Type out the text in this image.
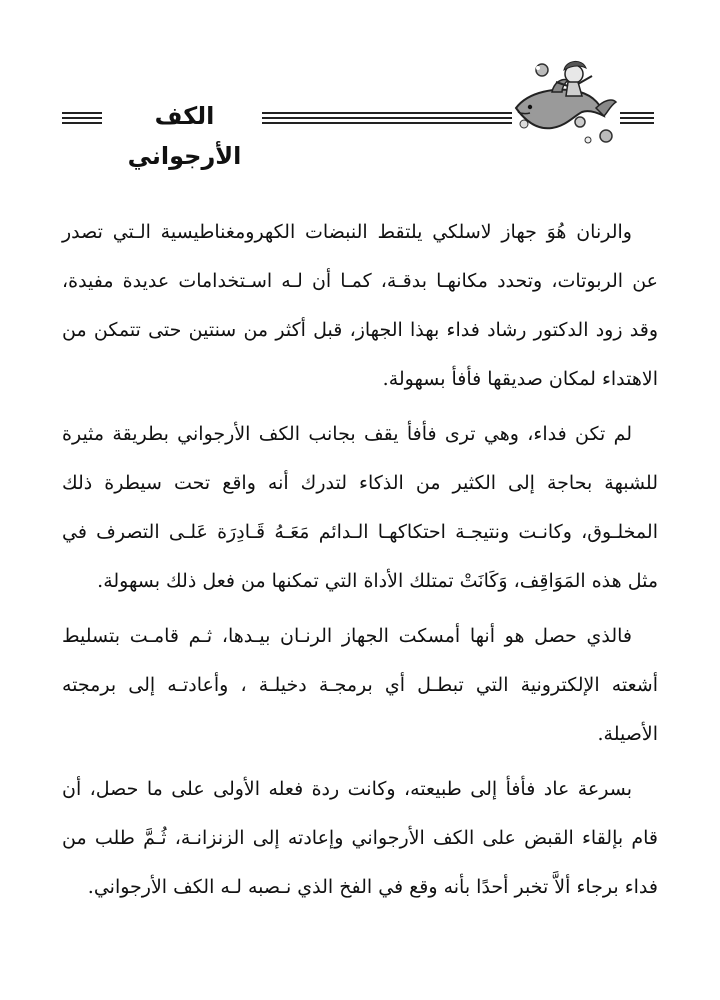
الكف الأرجواني

والرنان هُوَ جهاز لاسلكي يلتقط النبضات الكهرومغناطيسية الـتي تصدر عن الربوتات، وتحدد مكانهـا بدقـة، كمـا أن لـه اسـتخدامات عديدة مفيدة، وقد زود الدكتور رشاد فداء بهذا الجهاز، قبل أكثر من سنتين حتى تتمكن من الاهتداء لمكان صديقها فأفأ بسهولة.

لم تكن فداء، وهي ترى فأفأ يقف بجانب الكف الأرجواني بطريقة مثيرة للشبهة بحاجة إلى الكثير من الذكاء لتدرك أنه واقع تحت سيطرة ذلك المخلـوق، وكانـت ونتيجـة احتكاكهـا الـدائم مَعَـهُ قَـادِرَة عَلـى التصرف في مثل هذه المَوَاقِف، وَكَانَتْ تمتلك الأداة التي تمكنها من فعل ذلك بسهولة.

فالذي حصل هو أنها أمسكت الجهاز الرنـان بيـدها، ثـم قامـت بتسليط أشعته الإلكترونية التي تبطـل أي برمجـة دخيلـة ، وأعادتـه إلى برمجته الأصيلة.

بسرعة عاد فأفأ إلى طبيعته، وكانت ردة فعله الأولى على ما حصل، أن قام بإلقاء القبض على الكف الأرجواني وإعادته إلى الزنزانـة، ثُـمَّ طلب من فداء برجاء ألاَّ تخبر أحدًا بأنه وقع في الفخ الذي نـصبه لـه الكف الأرجواني.
